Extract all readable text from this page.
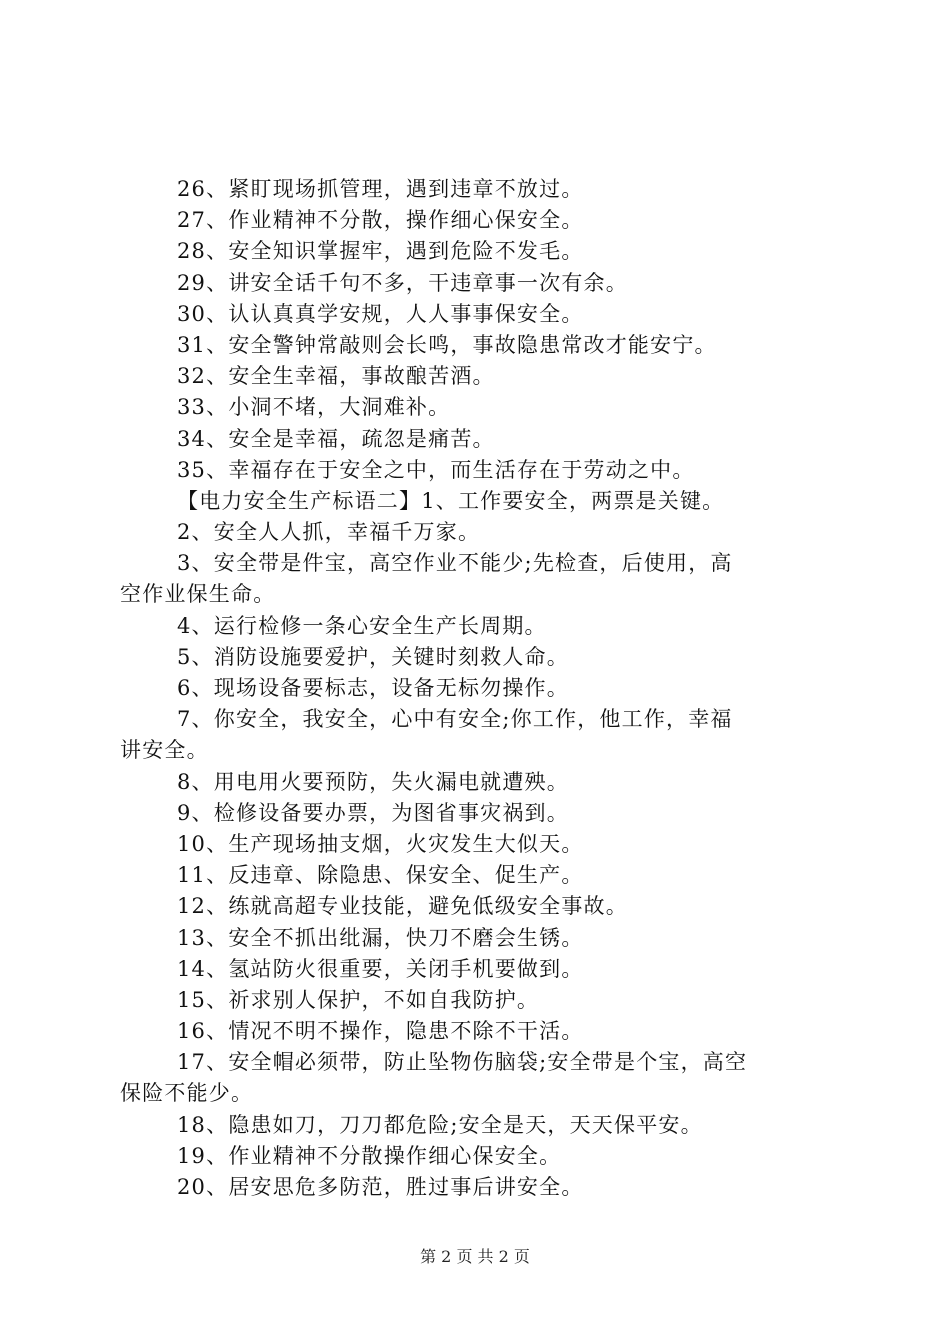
26、紧盯现场抓管理，遇到违章不放过。
27、作业精神不分散，操作细心保安全。
28、安全知识掌握牢，遇到危险不发毛。
29、讲安全话千句不多，干违章事一次有余。
30、认认真真学安规，人人事事保安全。
31、安全警钟常敲则会长鸣，事故隐患常改才能安宁。
32、安全生幸福，事故酿苦酒。
33、小洞不堵，大洞难补。
34、安全是幸福，疏忽是痛苦。
35、幸福存在于安全之中，而生活存在于劳动之中。
【电力安全生产标语二】1、工作要安全，两票是关键。
2、安全人人抓，幸福千万家。
3、安全带是件宝，高空作业不能少;先检查，后使用，高
空作业保生命。
4、运行检修一条心安全生产长周期。
5、消防设施要爱护，关键时刻救人命。
6、现场设备要标志，设备无标勿操作。
7、你安全，我安全，心中有安全;你工作，他工作，幸福
讲安全。
8、用电用火要预防，失火漏电就遭殃。
9、检修设备要办票，为图省事灾祸到。
10、生产现场抽支烟，火灾发生大似天。
11、反违章、除隐患、保安全、促生产。
12、练就高超专业技能，避免低级安全事故。
13、安全不抓出纰漏，快刀不磨会生锈。
14、氢站防火很重要，关闭手机要做到。
15、祈求别人保护，不如自我防护。
16、情况不明不操作，隐患不除不干活。
17、安全帽必须带，防止坠物伤脑袋;安全带是个宝，高空
保险不能少。
18、隐患如刀，刀刀都危险;安全是天，天天保平安。
19、作业精神不分散操作细心保安全。
20、居安思危多防范，胜过事后讲安全。
第 2 页 共 2 页
